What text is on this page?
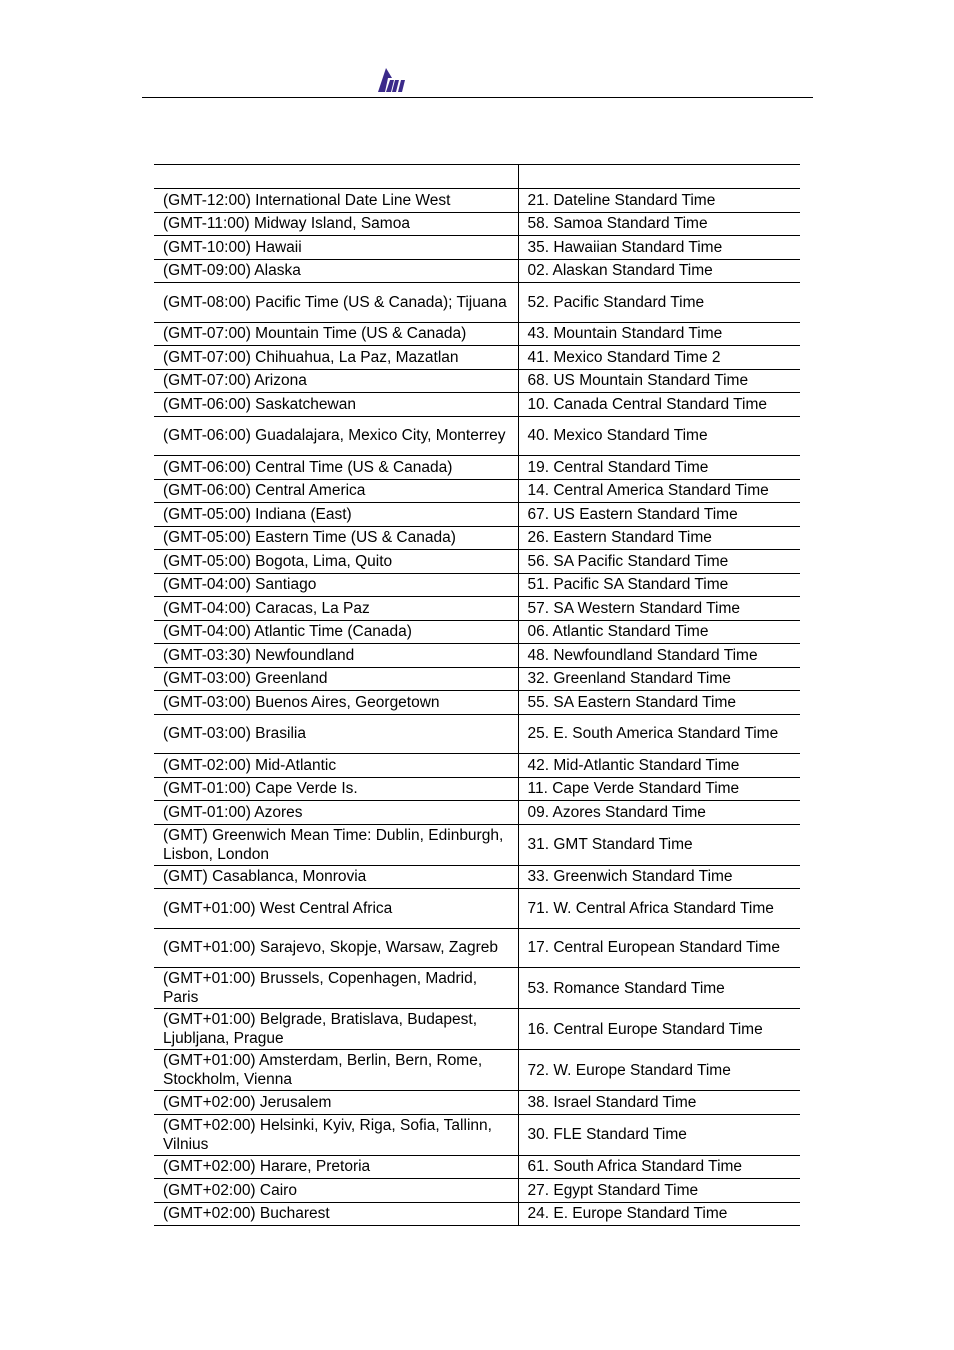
(GMT-12:00) International Date Line West	21. Dateline Standard Time
(GMT-11:00) Midway Island, Samoa	58. Samoa Standard Time
(GMT-10:00) Hawaii	35. Hawaiian Standard Time
(GMT-09:00) Alaska	02. Alaskan Standard Time
(GMT-08:00) Pacific Time (US & Canada); Tijuana	52. Pacific Standard Time
(GMT-07:00) Mountain Time (US & Canada)	43. Mountain Standard Time
(GMT-07:00) Chihuahua, La Paz, Mazatlan	41. Mexico Standard Time 2
(GMT-07:00) Arizona	68. US Mountain Standard Time
(GMT-06:00) Saskatchewan	10. Canada Central Standard Time
(GMT-06:00) Guadalajara, Mexico City, Monterrey	40. Mexico Standard Time
(GMT-06:00) Central Time (US & Canada)	19. Central Standard Time
(GMT-06:00) Central America	14. Central America Standard Time
(GMT-05:00) Indiana (East)	67. US Eastern Standard Time
(GMT-05:00) Eastern Time (US & Canada)	26. Eastern Standard Time
(GMT-05:00) Bogota, Lima, Quito	56. SA Pacific Standard Time
(GMT-04:00) Santiago	51. Pacific SA Standard Time
(GMT-04:00) Caracas, La Paz	57. SA Western Standard Time
(GMT-04:00) Atlantic Time (Canada)	06. Atlantic Standard Time
(GMT-03:30) Newfoundland	48. Newfoundland Standard Time
(GMT-03:00) Greenland	32. Greenland Standard Time
(GMT-03:00) Buenos Aires, Georgetown	55. SA Eastern Standard Time
(GMT-03:00) Brasilia	25. E. South America Standard Time
(GMT-02:00) Mid-Atlantic	42. Mid-Atlantic Standard Time
(GMT-01:00) Cape Verde Is.	11. Cape Verde Standard Time
(GMT-01:00) Azores	09. Azores Standard Time
(GMT) Greenwich Mean Time: Dublin, Edinburgh, Lisbon, London	31. GMT Standard Time
(GMT) Casablanca, Monrovia	33. Greenwich Standard Time
(GMT+01:00) West Central Africa	71. W. Central Africa Standard Time
(GMT+01:00) Sarajevo, Skopje, Warsaw, Zagreb	17. Central European Standard Time
(GMT+01:00) Brussels, Copenhagen, Madrid, Paris	53. Romance Standard Time
(GMT+01:00) Belgrade, Bratislava, Budapest, Ljubljana, Prague	16. Central Europe Standard Time
(GMT+01:00) Amsterdam, Berlin, Bern, Rome, Stockholm, Vienna	72. W. Europe Standard Time
(GMT+02:00) Jerusalem	38. Israel Standard Time
(GMT+02:00) Helsinki, Kyiv, Riga, Sofia, Tallinn, Vilnius	30. FLE Standard Time
(GMT+02:00) Harare, Pretoria	61. South Africa Standard Time
(GMT+02:00) Cairo	27. Egypt Standard Time
(GMT+02:00) Bucharest	24. E. Europe Standard Time
